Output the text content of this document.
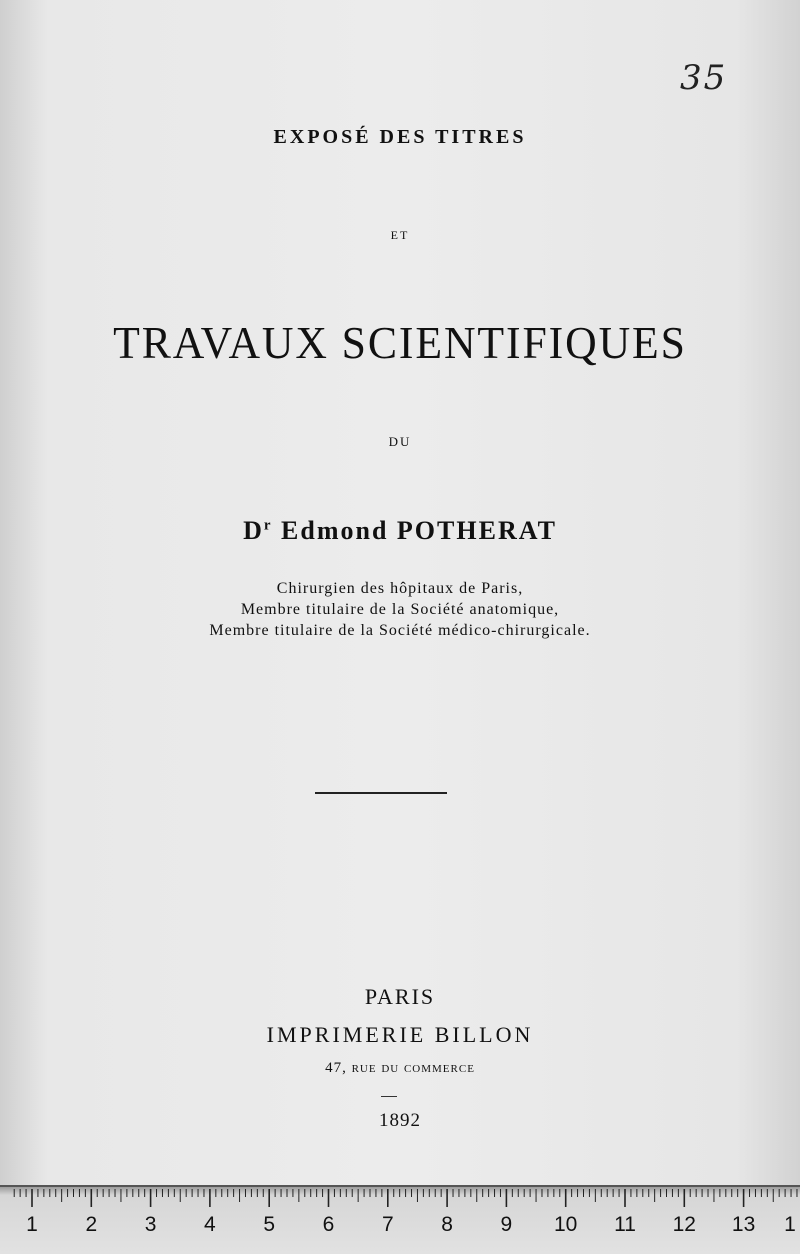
35
EXPOSÉ DES TITRES
ET
TRAVAUX SCIENTIFIQUES
DU
$D^r$ Edmond POTHERAT
Chirurgien des hôpitaux de Paris,
Membre titulaire de la Société anatomique,
Membre titulaire de la Société médico-chirurgicale.
PARIS
IMPRIMERIE BILLON
47, rue du commerce
1892
1 2 3 4 5 6 7 8 9 10 11 12 13 1
